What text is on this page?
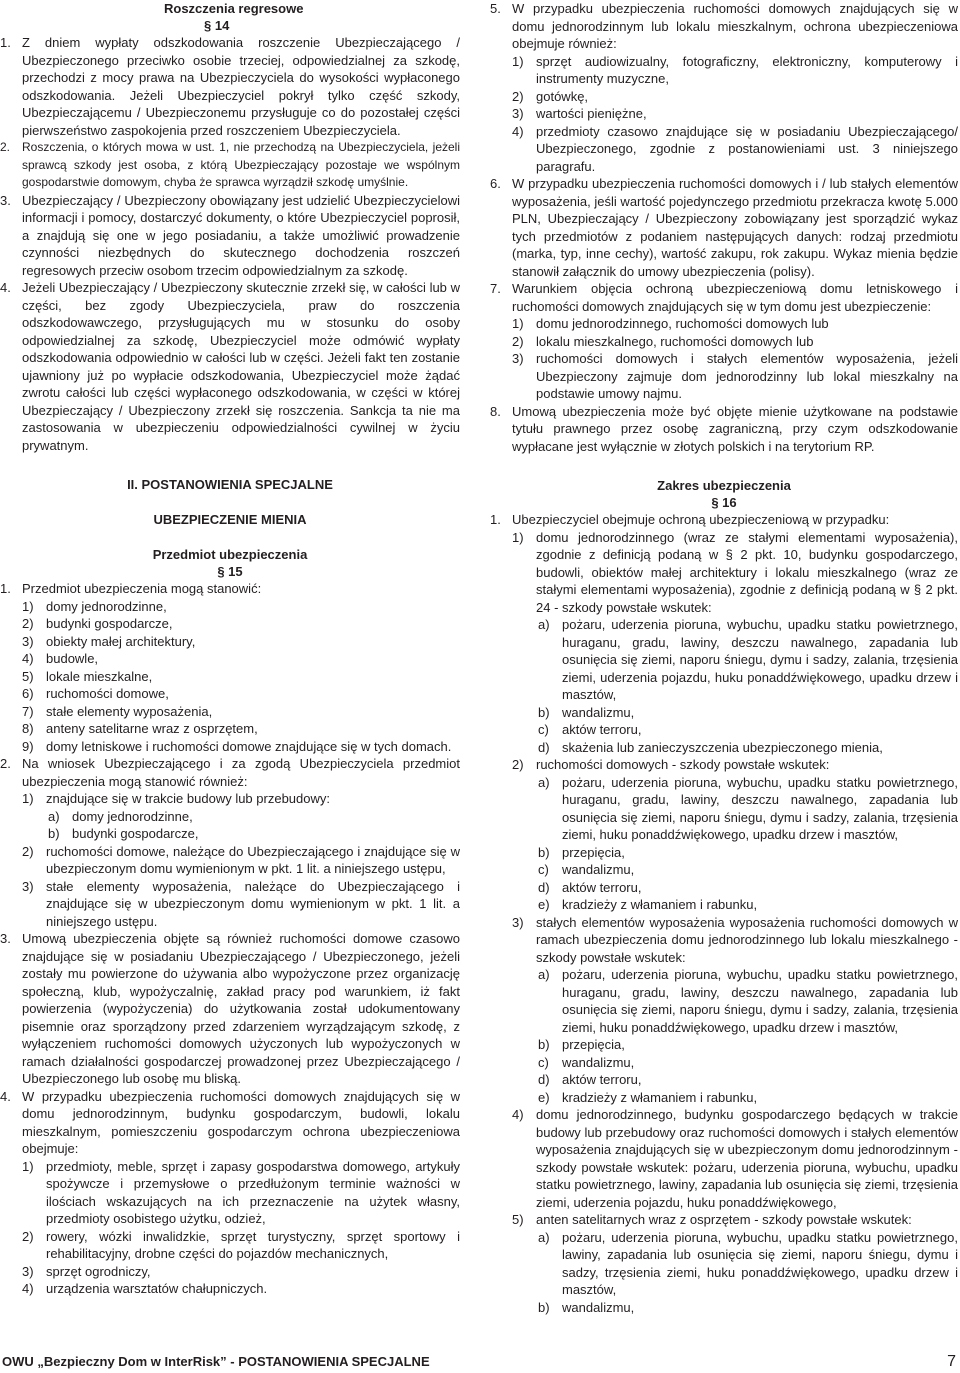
Roszczenia regresowe
§ 14
1. Z dniem wypłaty odszkodowania roszczenie Ubezpieczającego / Ubezpieczonego przeciwko osobie trzeciej, odpowiedzialnej za szkodę, przechodzi z mocy prawa na Ubezpieczyciela do wysokości wypłaconego odszkodowania. Jeżeli Ubezpieczyciel pokrył tylko część szkody, Ubezpieczającemu / Ubezpieczonemu przysługuje co do pozostałej części pierwszeństwo zaspokojenia przed roszczeniem Ubezpieczyciela.
2. Roszczenia, o których mowa w ust. 1, nie przechodzą na Ubezpieczyciela, jeżeli sprawcą szkody jest osoba, z którą Ubezpieczający pozostaje we wspólnym gospodarstwie domowym, chyba że sprawca wyrządził szkodę umyślnie.
3. Ubezpieczający / Ubezpieczony obowiązany jest udzielić Ubezpieczycielowi informacji i pomocy, dostarczyć dokumenty, o które Ubezpieczyciel poprosił, a znajdują się one w jego posiadaniu, a także umożliwić prowadzenie czynności niezbędnych do skutecznego dochodzenia roszczeń regresowych przeciw osobom trzecim odpowiedzialnym za szkodę.
4. Jeżeli Ubezpieczający / Ubezpieczony skutecznie zrzekł się, w całości lub w części, bez zgody Ubezpieczyciela, praw do roszczenia odszkodowawczego, przysługujących mu w stosunku do osoby odpowiedzialnej za szkodę, Ubezpieczyciel może odmówić wypłaty odszkodowania odpowiednio w całości lub w części. Jeżeli fakt ten zostanie ujawniony już po wypłacie odszkodowania, Ubezpieczyciel może żądać zwrotu całości lub części wypłaconego odszkodowania, w części w której Ubezpieczający / Ubezpieczony zrzekł się roszczenia. Sankcja ta nie ma zastosowania w ubezpieczeniu odpowiedzialności cywilnej w życiu prywatnym.
II. POSTANOWIENIA SPECJALNE
UBEZPIECZENIE MIENIA
Przedmiot ubezpieczenia
§ 15
1. Przedmiot ubezpieczenia mogą stanowić:
1) domy jednorodzinne,
2) budynki gospodarcze,
3) obiekty małej architektury,
4) budowle,
5) lokale mieszkalne,
6) ruchomości domowe,
7) stałe elementy wyposażenia,
8) anteny satelitarne wraz z osprzętem,
9) domy letniskowe i ruchomości domowe znajdujące się w tych domach.
2. Na wniosek Ubezpieczającego i za zgodą Ubezpieczyciela przedmiot ubezpieczenia mogą stanowić również:
1) znajdujące się w trakcie budowy lub przebudowy:
a) domy jednorodzinne,
b) budynki gospodarcze,
2) ruchomości domowe, należące do Ubezpieczającego i znajdujące się w ubezpieczonym domu wymienionym w pkt. 1 lit. a niniejszego ustępu,
3) stałe elementy wyposażenia, należące do Ubezpieczającego i znajdujące się w ubezpieczonym domu wymienionym w pkt. 1 lit. a niniejszego ustępu.
3. Umową ubezpieczenia objęte są również ruchomości domowe czasowo znajdujące się w posiadaniu Ubezpieczającego / Ubezpieczonego, jeżeli zostały mu powierzone do używania albo wypożyczone przez organizację społeczną, klub, wypożyczalnię, zakład pracy pod warunkiem, iż fakt powierzenia (wypożyczenia) do użytkowania został udokumentowany pisemnie oraz sporządzony przed zdarzeniem wyrządzającym szkodę, z wyłączeniem ruchomości domowych użyczonych lub wypożyczonych w ramach działalności gospodarczej prowadzonej przez Ubezpieczającego / Ubezpieczonego lub osobę mu bliską.
4. W przypadku ubezpieczenia ruchomości domowych znajdujących się w domu jednorodzinnym, budynku gospodarczym, budowli, lokalu mieszkalnym, pomieszczeniu gospodarczym ochrona ubezpieczeniowa obejmuje:
1) przedmioty, meble, sprzęt i zapasy gospodarstwa domowego, artykuły spożywcze i przemysłowe o przedłużonym terminie ważności w ilościach wskazujących na ich przeznaczenie na użytek własny, przedmioty osobistego użytku, odzież,
2) rowery, wózki inwalidzkie, sprzęt turystyczny, sprzęt sportowy i rehabilitacyjny, drobne części do pojazdów mechanicznych,
3) sprzęt ogrodniczy,
4) urządzenia warsztatów chałupniczych.
5. W przypadku ubezpieczenia ruchomości domowych znajdujących się w domu jednorodzinnym lub lokalu mieszkalnym, ochrona ubezpieczeniowa obejmuje również:
1) sprzęt audiowizualny, fotograficzny, elektroniczny, komputerowy i instrumenty muzyczne,
2) gotówkę,
3) wartości pieniężne,
4) przedmioty czasowo znajdujące się w posiadaniu Ubezpieczającego/ Ubezpieczonego, zgodnie z postanowieniami ust. 3 niniejszego paragrafu.
6. W przypadku ubezpieczenia ruchomości domowych i / lub stałych elementów wyposażenia, jeśli wartość pojedynczego przedmiotu przekracza kwotę 5.000 PLN, Ubezpieczający / Ubezpieczony zobowiązany jest sporządzić wykaz tych przedmiotów z podaniem następujących danych: rodzaj przedmiotu (marka, typ, inne cechy), wartość zakupu, rok zakupu. Wykaz mienia będzie stanowił załącznik do umowy ubezpieczenia (polisy).
7. Warunkiem objęcia ochroną ubezpieczeniową domu letniskowego i ruchomości domowych znajdujących się w tym domu jest ubezpieczenie:
1) domu jednorodzinnego, ruchomości domowych lub
2) lokalu mieszkalnego, ruchomości domowych lub
3) ruchomości domowych i stałych elementów wyposażenia, jeżeli Ubezpieczony zajmuje dom jednorodzinny lub lokal mieszkalny na podstawie umowy najmu.
8. Umową ubezpieczenia może być objęte mienie użytkowane na podstawie tytułu prawnego przez osobę zagraniczną, przy czym odszkodowanie wypłacane jest wyłącznie w złotych polskich i na terytorium RP.
Zakres ubezpieczenia
§ 16
1. Ubezpieczyciel obejmuje ochroną ubezpieczeniową w przypadku:
1) domu jednorodzinnego (wraz ze stałymi elementami wyposażenia), zgodnie z definicją podaną w § 2 pkt. 10, budynku gospodarczego, budowli, obiektów małej architektury i lokalu mieszkalnego (wraz ze stałymi elementami wyposażenia), zgodnie z definicją podaną w § 2 pkt. 24 - szkody powstałe wskutek:
a) pożaru, uderzenia pioruna, wybuchu, upadku statku powietrznego, huraganu, gradu, lawiny, deszczu nawalnego, zapadania lub osunięcia się ziemi, naporu śniegu, dymu i sadzy, zalania, trzęsienia ziemi, uderzenia pojazdu, huku ponaddźwiękowego, upadku drzew i masztów,
b) wandalizmu,
c) aktów terroru,
d) skażenia lub zanieczyszczenia ubezpieczonego mienia,
2) ruchomości domowych - szkody powstałe wskutek:
a) pożaru, uderzenia pioruna, wybuchu, upadku statku powietrznego, huraganu, gradu, lawiny, deszczu nawalnego, zapadania lub osunięcia się ziemi, naporu śniegu, dymu i sadzy, zalania, trzęsienia ziemi, huku ponaddźwiękowego, upadku drzew i masztów,
b) przepięcia,
c) wandalizmu,
d) aktów terroru,
e) kradzieży z włamaniem i rabunku,
3) stałych elementów wyposażenia wyposażenia ruchomości domowych w ramach ubezpieczenia domu jednorodzinnego lub lokalu mieszkalnego - szkody powstałe wskutek:
a) pożaru, uderzenia pioruna, wybuchu, upadku statku powietrznego, huraganu, gradu, lawiny, deszczu nawalnego, zapadania lub osunięcia się ziemi, naporu śniegu, dymu i sadzy, zalania, trzęsienia ziemi, huku ponaddźwiękowego, upadku drzew i masztów,
b) przepięcia,
c) wandalizmu,
d) aktów terroru,
e) kradzieży z włamaniem i rabunku,
4) domu jednorodzinnego, budynku gospodarczego będących w trakcie budowy lub przebudowy oraz ruchomości domowych i stałych elementów wyposażenia znajdujących się w ubezpieczonym domu jednorodzinnym - szkody powstałe wskutek: pożaru, uderzenia pioruna, wybuchu, upadku statku powietrznego, lawiny, zapadania lub osunięcia się ziemi, trzęsienia ziemi, uderzenia pojazdu, huku ponaddźwiękowego,
5) anten satelitarnych wraz z osprzętem - szkody powstałe wskutek:
a) pożaru, uderzenia pioruna, wybuchu, upadku statku powietrznego, lawiny, zapadania lub osunięcia się ziemi, naporu śniegu, dymu i sadzy, trzęsienia ziemi, huku ponaddźwiękowego, upadku drzew i masztów,
b) wandalizmu,
OWU „Bezpieczny Dom w InterRisk” - POSTANOWIENIA SPECJALNE	7
